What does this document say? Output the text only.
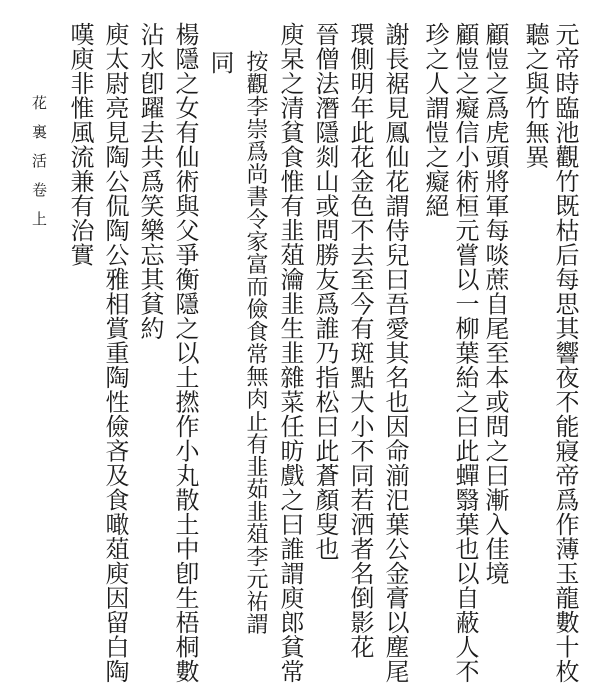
元帝時臨池觀竹既枯后每思其響夜不能寢帝爲作薄玉龍數十枚
聽之與竹無異
顧愷之爲虎頭將軍每啖蔗自尾至本或問之曰漸入佳境
顧愷之癡信小術桓元嘗以一柳葉紿之曰此蟬翳葉也以自蔽人不
珍之人謂愷之癡絕
謝長裾見鳳仙花謂侍兒曰吾愛其名也因命湔汜葉公金膏以塵尾
環側明年此花金色不去至今有斑點大小不同若洒者名倒影花
晉僧法潛隱剡山或問勝友爲誰乃指松曰此蒼顏叟也
庾杲之清貧食惟有韭葅瀹韭生韭雜菜任昉戲之曰誰謂庾郎貧常
按觀李崇爲尚書令家富而儉食常無肉止有韭茹韭葅李元祐謂
同
楊隱之女有仙術與父爭衡隱之以土撚作小丸散土中卽生梧桐數
沾水卽躍去共爲笑樂忘其貧約
庾太尉亮見陶公侃陶公雅相賞重陶性儉吝及食噉葅庾因留白陶
嘆庾非惟風流兼有治實
花裏活卷上
